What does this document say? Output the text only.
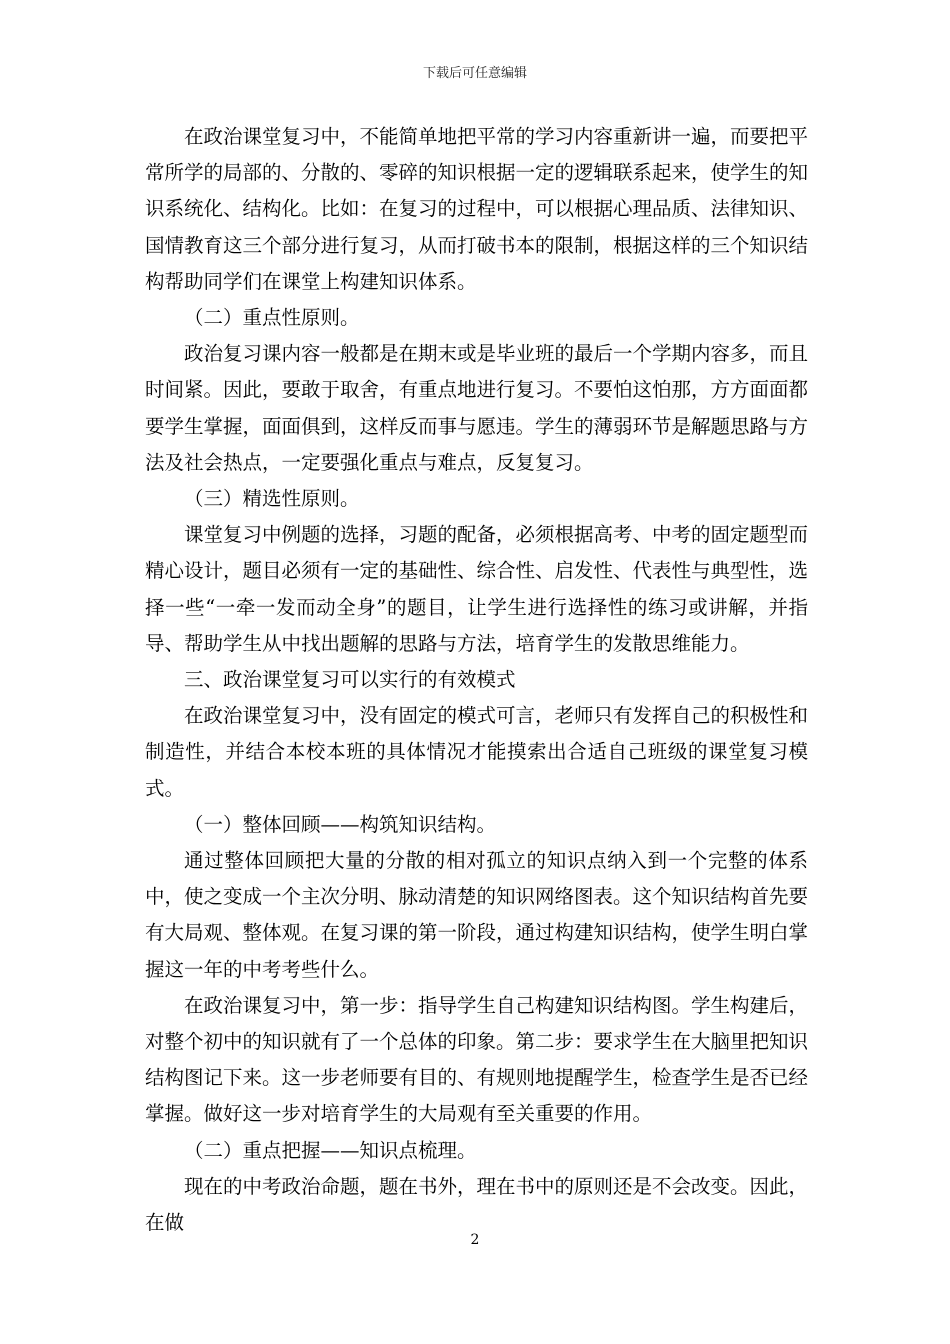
下载后可任意编辑

在政治课堂复习中，不能简单地把平常的学习内容重新讲一遍，而要把平常所学的局部的、分散的、零碎的知识根据一定的逻辑联系起来，使学生的知识系统化、结构化。比如：在复习的过程中，可以根据心理品质、法律知识、国情教育这三个部分进行复习，从而打破书本的限制，根据这样的三个知识结构帮助同学们在课堂上构建知识体系。

（二）重点性原则。

政治复习课内容一般都是在期末或是毕业班的最后一个学期内容多，而且时间紧。因此，要敢于取舍，有重点地进行复习。不要怕这怕那，方方面面都要学生掌握，面面俱到，这样反而事与愿违。学生的薄弱环节是解题思路与方法及社会热点，一定要强化重点与难点，反复复习。

（三）精选性原则。

课堂复习中例题的选择，习题的配备，必须根据高考、中考的固定题型而精心设计，题目必须有一定的基础性、综合性、启发性、代表性与典型性，选择一些“一牵一发而动全身”的题目，让学生进行选择性的练习或讲解，并指导、帮助学生从中找出题解的思路与方法，培育学生的发散思维能力。

三、政治课堂复习可以实行的有效模式

在政治课堂复习中，没有固定的模式可言，老师只有发挥自己的积极性和制造性，并结合本校本班的具体情况才能摸索出合适自己班级的课堂复习模式。

（一）整体回顾——构筑知识结构。

通过整体回顾把大量的分散的相对孤立的知识点纳入到一个完整的体系中，使之变成一个主次分明、脉动清楚的知识网络图表。这个知识结构首先要有大局观、整体观。在复习课的第一阶段，通过构建知识结构，使学生明白掌握这一年的中考考些什么。

在政治课复习中，第一步：指导学生自己构建知识结构图。学生构建后，对整个初中的知识就有了一个总体的印象。第二步：要求学生在大脑里把知识结构图记下来。这一步老师要有目的、有规则地提醒学生，检查学生是否已经掌握。做好这一步对培育学生的大局观有至关重要的作用。

（二）重点把握——知识点梳理。

现在的中考政治命题，题在书外，理在书中的原则还是不会改变。因此，在做

2
